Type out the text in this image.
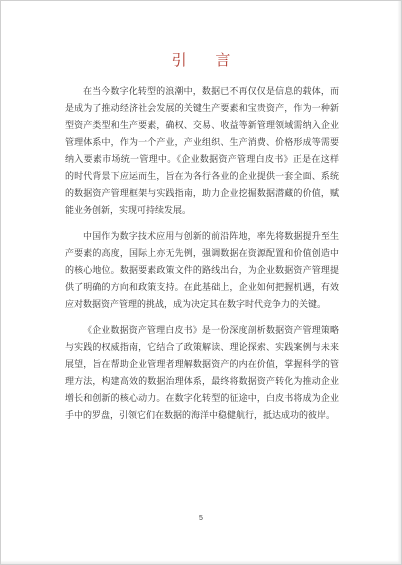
引 言

在当今数字化转型的浪潮中，数据已不再仅仅是信息的载体，而是成为了推动经济社会发展的关键生产要素和宝贵资产，作为一种新型资产类型和生产要素，确权、交易、收益等新管理领域需纳入企业管理体系中，作为一个产业，产业组织、生产消费、价格形成等需要纳入要素市场统一管理中。《企业数据资产管理白皮书》正是在这样的时代背景下应运而生，旨在为各行各业的企业提供一套全面、系统的数据资产管理框架与实践指南，助力企业挖掘数据潜藏的价值，赋能业务创新，实现可持续发展。

中国作为数字技术应用与创新的前沿阵地，率先将数据提升至生产要素的高度，国际上亦无先例，强调数据在资源配置和价值创造中的核心地位。数据要素政策文件的路线出台，为企业数据资产管理提供了明确的方向和政策支持。在此基础上，企业如何把握机遇，有效应对数据资产管理的挑战，成为决定其在数字时代竞争力的关键。

《企业数据资产管理白皮书》是一份深度剖析数据资产管理策略与实践的权威指南，它结合了政策解读、理论探索、实践案例与未来展望，旨在帮助企业管理者理解数据资产的内在价值，掌握科学的管理方法，构建高效的数据治理体系，最终将数据资产转化为推动企业增长和创新的核心动力。在数字化转型的征途中，白皮书将成为企业手中的罗盘，引领它们在数据的海洋中稳健航行，抵达成功的彼岸。

5
